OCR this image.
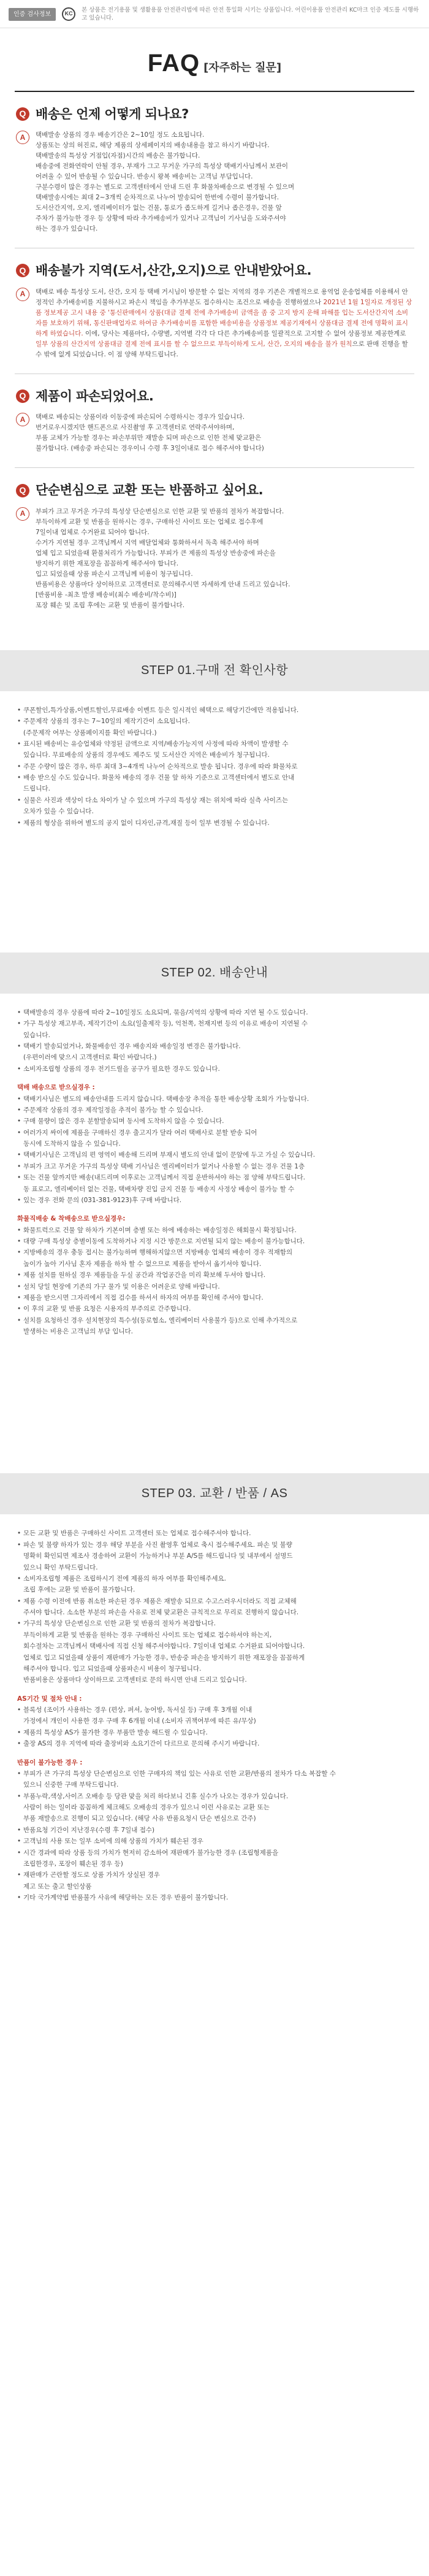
인증 검사정보	KC
본 상품은 전기용품 및 생활용품 안전관리법에 따른 안전 통일화 시키는 상품입니다. 어린이용품 안전관리 KC마크 인증 제도를 시행하고 있습니다.
FAQ [자주하는 질문]
Q 배송은 언제 어떻게 되나요?
A	택배발송 상품의 경우 배송기간은 2~10일 정도 소요됩니다.

상품또는 상의 허진로, 해당 제품의 상세페이지의 배송내용을 참고 하시기 바랍니다.

택배발송의 특성상 거점입(자점)시간의 배송은 불가합니다.

배송중에 전화연락이 안될 경우, 부재가 그고 무거운 가구의 특성상 택배기사님께서 보관이

어려울 수 있어 반송될 수 있습니다. 반송시 왕복 배송비는 고객님 부담입니다.

구분수령이 많은 경우는 별도로 고객센터에서 안내 드린 후 화물차배송으로 변경될 수 있으며

택배발송시에는 최대 2~3개씩 순차적으로 나누어 발송되어 한번에 수령이 불가합니다.

도서산간지역, 오지, 엘리베이터가 없는 건물, 통로가 좁도하게 길거나 좁은경우, 건물 앞

주차가 불가능한 경우 등 상황에 따라 추가배송비가 있거나 고객님이 기사님을 도와주셔야

하는 경우가 있습니다.

Q 배송불가 지역(도서,산간,오지)으로 안내받았어요.
A	택배로 배송 특성상 도서, 산간, 오지 등 택배 거시님이 방문할 수 없는 지역의 경우 기존은 개별적으로 용역업 운송업체를 이용해서 안정적인 추가배송비를 지불하시고 파손시 책임을 추가부분도 접수하시는 조건으로 배송을 진행하였으나 2021년 1월 1일자로 개정된 상품 정보제공 고시 내용 중 '통신판매에서 상품(대금 결제 전에 추가배송비 금액을 좀 중 고지 방지 운해 파해를 입는 도서산간지역 소비자를 보호하기 위해, 통신판매업자로 하여금 추가배송비를 포함한 배송비용을 상품정보 제공기재에서 상품대금 결제 전에 명확히 표시 하게 하였습니다. 이에, 당사는 제품마다, 수량별, 지역별 각각 다 다른 추가배송비를 일괄적으로 고지할 수 없어 상품정보 제공한계로 일부 상품의 산간지역 상품대금 결제 전에 표시를 할 수 없으므로 부득이하게 도서, 산간, 오지의 배송을 불가 원칙으로 판매 진행을 할 수 밖에 없게 되었습니다. 이 점 양해 부탁드립니다.

Q 제품이 파손되었어요.
A	택배로 배송되는 상품이라 이동중에 파손되어 수령하시는 경우가 있습니다.

번거로우시겠지만 핸드폰으로 사진촬영 후 고객센터로 연락주셔야하며,

부품 교체가 가능할 경우는 파손부위만 재발송 되며 파손으로 인한 전체 맞교환은

불가합니다. (배송중 파손되는 경우이니 수령 후 3일이내로 접수 해주셔야 합니다)

Q 단순변심으로 교환 또는 반품하고 싶어요.
A	부피가 크고 무거운 가구의 특성상 단순변심으로 인한 교환 및 반품의 절차가 복잡합니다.

부득이하게 교환 및 반품을 원하시는 경우, 구매하신 사이트 또는 업체로 접수후에

7일이내 업체로 수거완료 되어야 합니다.

수거가 지연될 경우 고객님께서 지역 배달업체와 통화하셔서 독촉 해주셔야 하며

업체 입고 되었을때 환불처리가 가능합니다. 부피가 큰 제품의 특성상 반송중에 파손을

방지하기 위한 재포장을 꼼꼼하게 해주셔야 합니다.

입고 되었을때 상품 파손시 고객님께 비용이 청구됩니다.

반품비용은 상품마다 상이하므로 고객센터로 문의해주시면 자세하게 안내 드리고 있습니다.

[반품비용 -최초 발생 배송비(최수 배송비/착수비)]

포장 훼손 및 조립 후에는 교환 및 반품이 불가합니다.

STEP 01.구매 전 확인사항
• 쿠폰할인,특가상품,이벤트할인,무료배송 이벤트 등은 일시적인 혜택으로 해당기간에만 적용됩니다.
• 주문제작 상품의 경우는 7~10일의 제작기간이 소요됩니다.
(주문제작 여부는 상품페이지를 확인 바랍니다.)
• 표시된 배송비는 유승업체와 약정된 금액으로 지역/배송가능지역 사정에 따라 차액이 발생할 수
있습니다. 무료배송의 상품의 경우에도 제주도 및 도서산간 지역은 배송비가 청구됩니다.
• 주문 수량이 많은 경우, 하루 최대 3~4개씩 나누어 순차적으로 발송 됩니다. 경우에 따라 화물차로
• 배송 받으실 수도 있습니다. 화물차 배송의 경우 건물 앞 하차 기준으로 고객센터에서 별도로 안내
드립니다.
• 실물은 사진과 색상이 다소 차이가 날 수 있으며 가구의 특성상 재는 위치에 따라 실측 사이즈는
오차가 있을 수 있습니다.
• 제품의 형상을 위하여 별도의 공지 없이 디자인,규격,재질 등이 일부 변경될 수 있습니다.
STEP 02. 배송안내
• 택배발송의 경우 상품에 따라 2~10일정도 소요되며, 묶음/지역의 상황에 따라 지연 될 수도 있습니다.
• 가구 특성상 재고부족, 제작기간이 소요(일출제작 등), 억천쪽, 천재지변 등의 이유로 배송이 지연될 수
있습니다.
• 택배기 발송되었거나, 화물배송인 경우 배송지와 배송일정 변경은 불가합니다.
(우편이러에 맞으시 고객센터로 확인 바랍니다.)
• 소비자조립형 상품의 경우 전기드릴을 공구가 필요한 경우도 있습니다.
택배 배송으로 받으실경우 :
• 택배기사님은 별도의 배송안내를 드리지 않습니다. 택배송장 추적을 통한 배송상황 조회가 가능합니다.
• 주문제작 상품의 경우 제작일정을 추적이 불가능 할 수 있습니다.
• 구매 물량이 많은 경우 분할발송되며 동시에 도착하지 않을 수 있습니다.
• 여러가지 싸이에 제품을 구매하신 경우 출고지가 달라 여러 택배사로 분할 받송 되어
동시에 도착하지 않을 수 있습니다.
• 택배기사님은 고객님의 편 영역이 배송해 드리며 부재시 별도의 안내 없이 문앞에 두고 가실 수 있습니다.
• 부피가 크고 무거운 가구의 특성상 택배 기사님은 엘리베이터가 없거나 사용할 수 없는 경우 건물 1층
• 또는 건물 앞까지만 배송(내드리며 이후로는 고객님께서 직접 운반하셔야 하는 점 양해 부탁드립니다.
동 표로고, 엘리베이터 없는 건물, 택배차량 진입 금지 건물 등 배송지 사정상 배송이 불가능 할 수
• 있는 경우 전화 문의 (031-381-9123)후 구매 바랍니다.
화물직배송 & 착배송으로 받으실경우:
• 화물트럭으로 건물 앞 하차가 기본이며 층별 또는 하에 배송하는 배송일정은 해회물시 확정됩니다.
• 대량 구매 특성상 층별이동에 도착하거나 지정 시간 방문으로 지연될 되지 않는 배송이 불가능합니다.
• 지방배송의 경우 충동 접시는 불가능하며 행해하지않으면 지방배송 업체의 배송이 경우 적재함의
높이가 높아 기사님 혼자 제품을 하차 할 수 없으므로 제품을 받아서 옮기셔야 합니다.
• 제품 설치를 원하실 경우 제품들을 두실 공간과 작업공간을 미리 확보해 두셔야 합니다.
• 설치 당일 현장에 기존의 가구 물가 및 이용은 어려운로 양해 바랍니다.
• 제품을 받으시면 그자리에서 직접 검수를 하셔서 하자의 여부를 확인해 주셔야 합니다.
• 이 후의 교환 및 반품 요청은 시용자의 부주의로 간주합니다.
• 설치를 요청하신 경우 설치현장의 특수성(동로협소, 엘리베이터 사용불가 등)으로 인해 추가적으로
발생하는 비용은 고객님의 부담 입니다.
STEP 03. 교환 / 반품 / AS
• 모든 교환 및 반품은 구매하신 사이트 고객센터 또는 업체로 접수해주셔야 합니다.
• 파손 및 불량 하자가 있는 경우 해당 부분을 사진 촬영후 업체로 축시 접수해주세요. 파손 및 불량
명확히 확인되면 제조사 경송하여 교환이 가능하거나 부분 A/S를 해드립니다 및 내부에서 설명드
있으니 확인 부탁드립니다.
• 소비자조립형 제품은 조립하시기 전에 제품의 하자 여부를 확인해주세요.
조립 후에는 교환 및 반품이 불가합니다.
• 제품 수령 이전에 반품 취소한 파손된 경우 제품은 재발송 되므로 수고스러우시더라도 직접 교체해
주셔야 합니다. 소소한 부분의 파손을 사유로 전체 맞교환은 규칙적으로 무리로 진행하지 않습니다.
• 가구의 특성상 단순변심으로 인한 교환 및 반품의 절차가 복잡합니다.
부득이하게 교환 및 반품을 원하는 경우 구매하신 사이트 또는 업체로 접수하셔야 하는지,
회수절차는 고객님께서 택배사에 직접 신청 해주셔야합니다. 7일이내 업체로 수거완료 되어야합니다.
업체로 입고 되었을때 상품이 재판매가 가능한 경우, 반송중 파손을 방지하기 위한 재포장을 꼼꼼하게
해주셔야 합니다. 입고 되었을때 상품파손시 비용이 청구됩니다.
반품비용은 상품마다 상이하므로 고객센터로 문의 하시면 안내 드리고 있습니다.
AS기간 및 절차 안내 :
• 블록성 (조이가 사용하는 경우 (편상, 퍼셔, 농어방, 독서실 등) 구매 후 3개월 이내
가정에서 개인이 사용한 경우 구매 후 6개월 이내 (소비자 귀책여부에 따른 유/무상)
• 제품의 특성상 AS가 불가한 경우 부품만 발송 해드릴 수 있습니다.
• 출장 AS의 경우 지역에 따라 출장비와 소요기간이 다르므로 문의해 주시기 바랍니다.
반품이 불가능한 경우 :
• 부피가 큰 가구의 특성상 단순변심으로 인한 구매자의 책임 있는 사유로 인한 교환/반품의 절차가 다소 복잡할 수
있으니 신중한 구매 부탁드립니다.
• 부품누락,색상,사이즈 오배송 등 당관 맞을 처리 하다보니 긴휴 실수가 나오는 경우가 있습니다.
사람이 하는 일이라 꼼꼼하게 체크해도 오배송의 경우가 있으니 이런 사유로는 교환 또는
부품 재발송으로 진행이 되고 있습니다. (해당 사유 반품요청시 단순 변심으로 간주)
• 반품요청 기간이 지난경우(수령 후 7일내 접수)
• 고객님의 사용 또는 일부 소비에 의해 상품의 가치가 훼손된 경우
• 시간 경과에 따라 상품 등의 가치가 현저히 감소하여 재판매가 불가능한 경우 (조립형제품을
조립한경우, 포장이 훼손된 경우 등)
• 재판매가 곤란할 정도로 상품 가치가 상실된 경우
제고 또는 출고 할인상품
• 기타 국가계약법 반품불가 사유에 해당하는 모든 경우 반품이 불가합니다.
